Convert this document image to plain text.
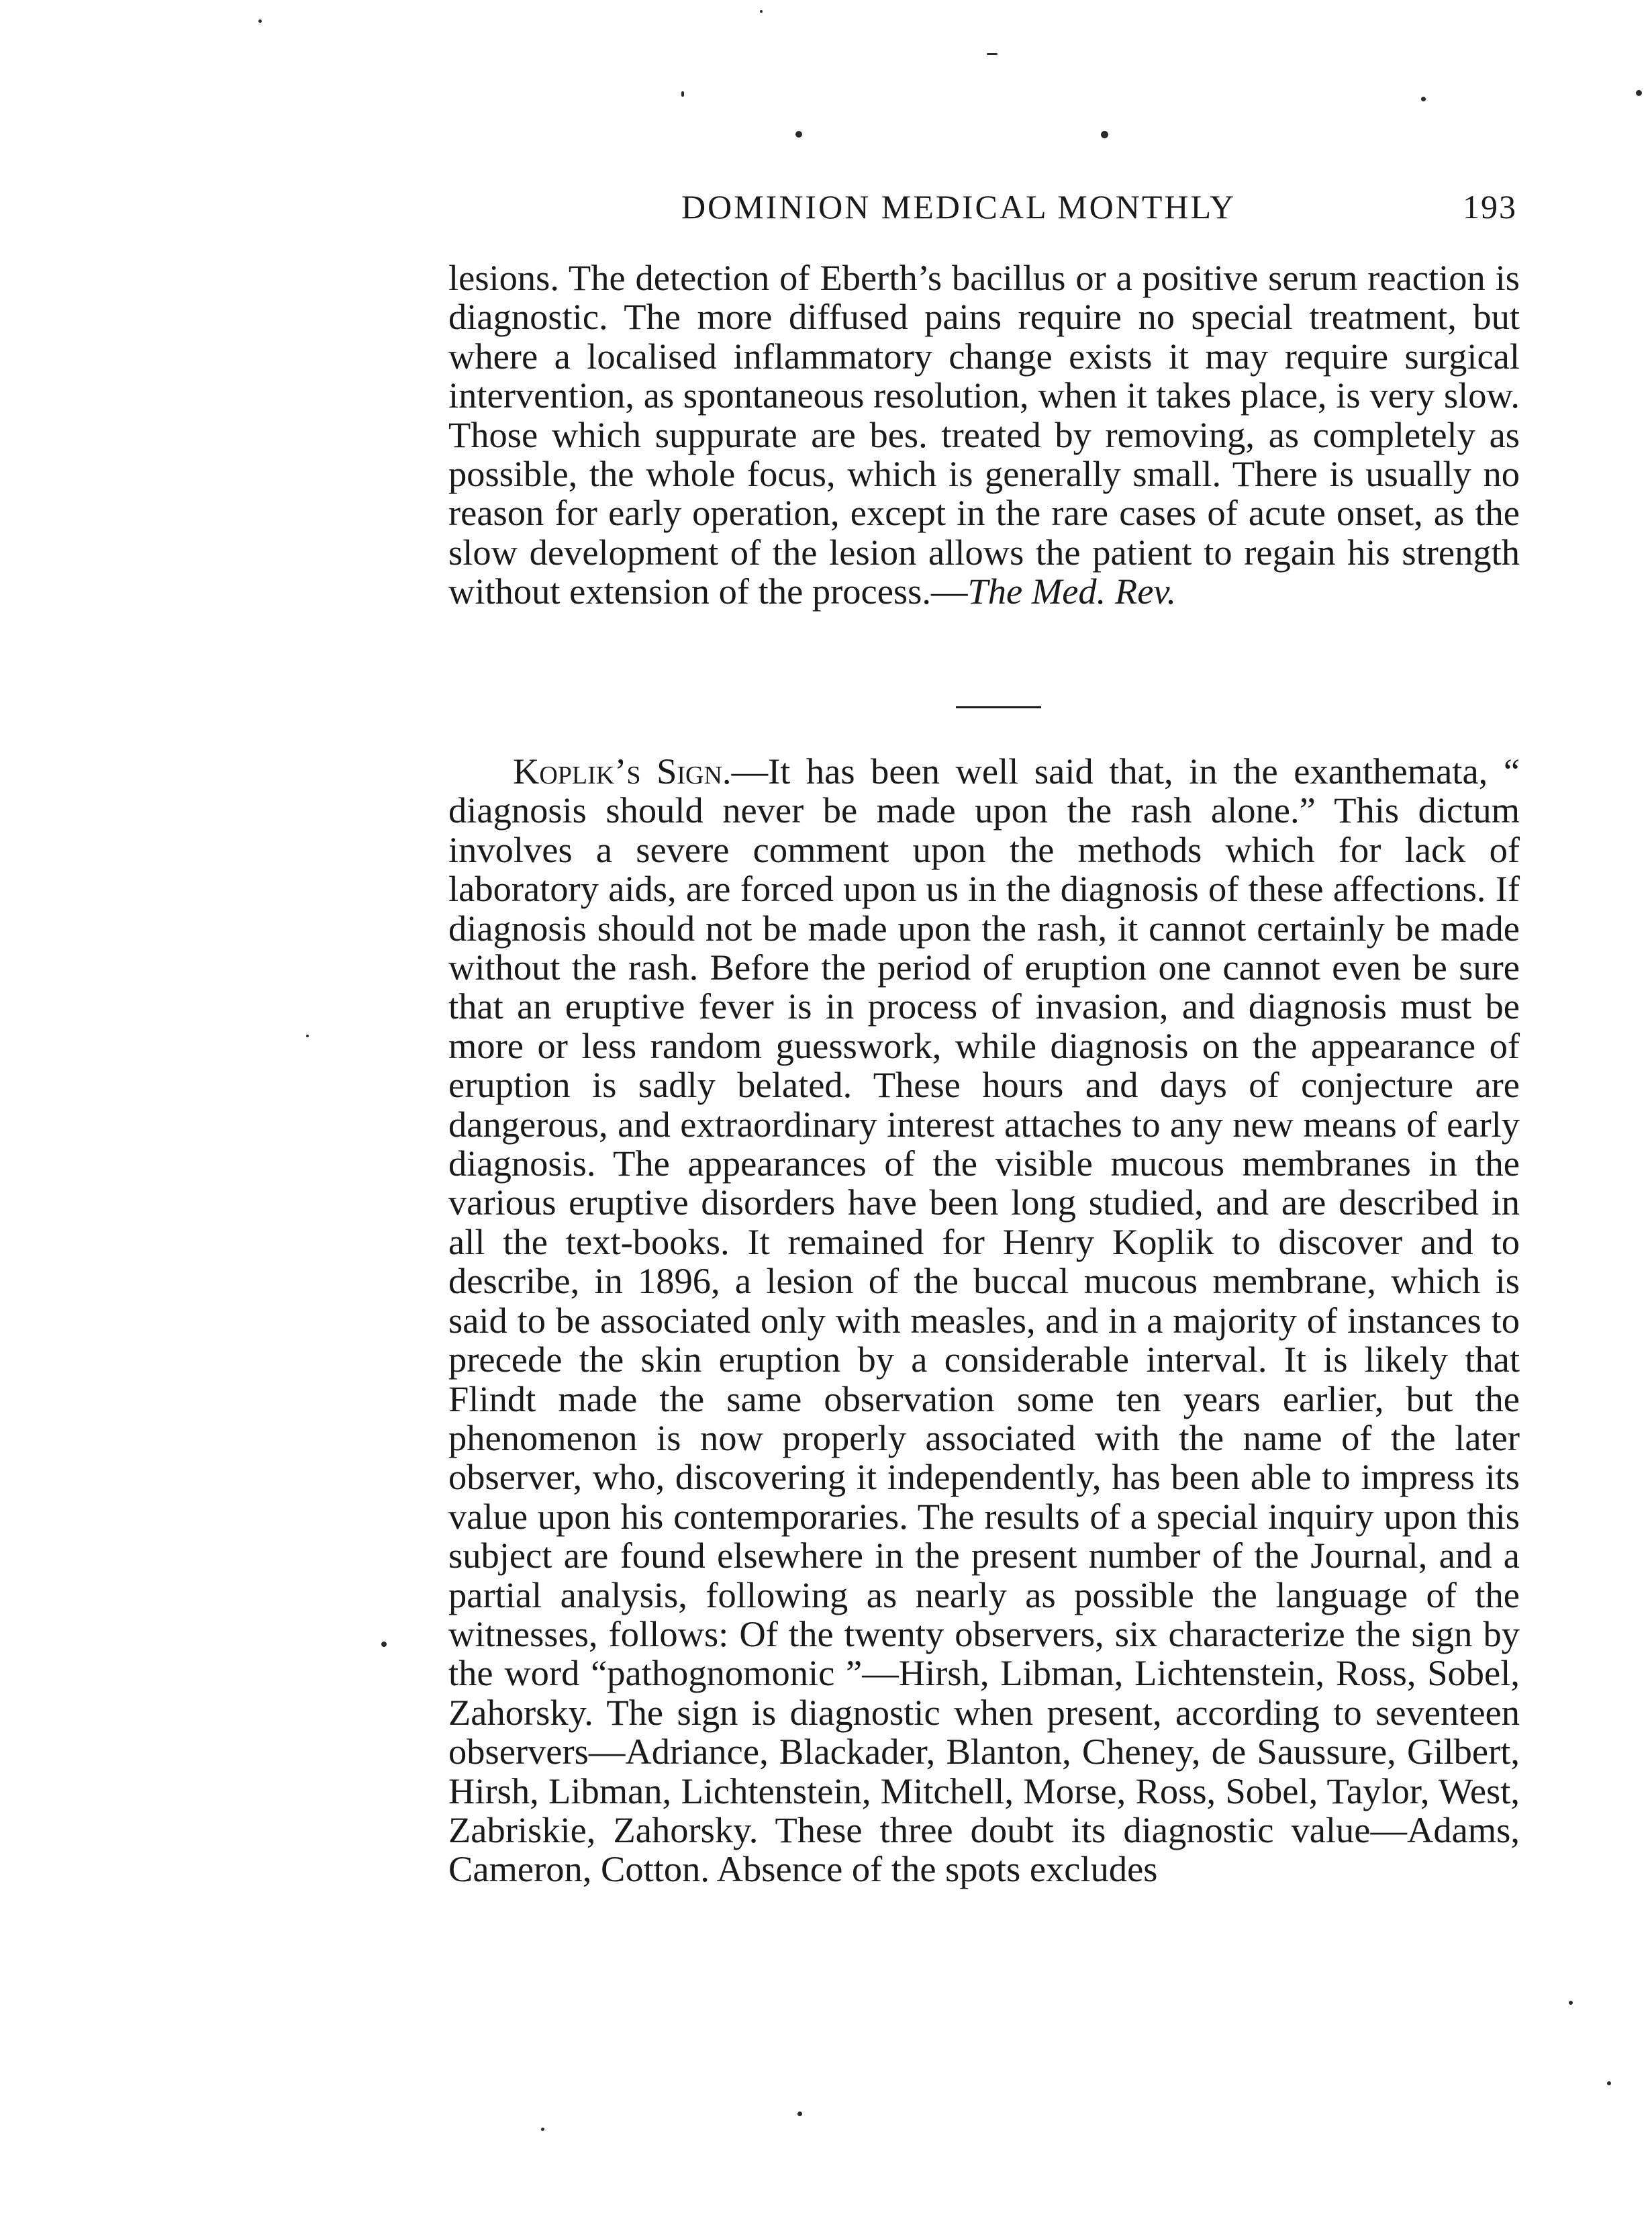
DOMINION MEDICAL MONTHLY	193

lesions. The detection of Eberth’s bacillus or a positive serum reaction is diagnostic. The more diffused pains require no special treatment, but where a localised inflammatory change exists it may require surgical intervention, as spontaneous resolution, when it takes place, is very slow. Those which suppurate are bes. treated by removing, as completely as possible, the whole focus, which is generally small. There is usually no reason for early operation, except in the rare cases of acute onset, as the slow development of the lesion allows the patient to regain his strength without extension of the process.—The Med. Rev.

Koplik’s Sign.—It has been well said that, in the exanthemata, “ diagnosis should never be made upon the rash alone.” This dictum involves a severe comment upon the methods which for lack of laboratory aids, are forced upon us in the diagnosis of these affections. If diagnosis should not be made upon the rash, it cannot certainly be made without the rash. Before the period of eruption one cannot even be sure that an eruptive fever is in process of invasion, and diagnosis must be more or less random guesswork, while diagnosis on the appearance of eruption is sadly belated. These hours and days of conjecture are dangerous, and extraordinary interest attaches to any new means of early diagnosis. The appearances of the visible mucous membranes in the various eruptive disorders have been long studied, and are described in all the text-books. It remained for Henry Koplik to discover and to describe, in 1896, a lesion of the buccal mucous membrane, which is said to be associated only with measles, and in a majority of instances to precede the skin eruption by a considerable interval. It is likely that Flindt made the same observation some ten years earlier, but the phenomenon is now properly associated with the name of the later observer, who, discovering it independently, has been able to impress its value upon his contemporaries. The results of a special inquiry upon this subject are found elsewhere in the present number of the Journal, and a partial analysis, following as nearly as possible the language of the witnesses, follows: Of the twenty observers, six characterize the sign by the word “pathognomonic ”—Hirsh, Libman, Lichtenstein, Ross, Sobel, Zahorsky. The sign is diagnostic when present, according to seventeen observers—Adriance, Blackader, Blanton, Cheney, de Saussure, Gilbert, Hirsh, Libman, Lichtenstein, Mitchell, Morse, Ross, Sobel, Taylor, West, Zabriskie, Zahorsky. These three doubt its diagnostic value—Adams, Cameron, Cotton. Absence of the spots excludes
